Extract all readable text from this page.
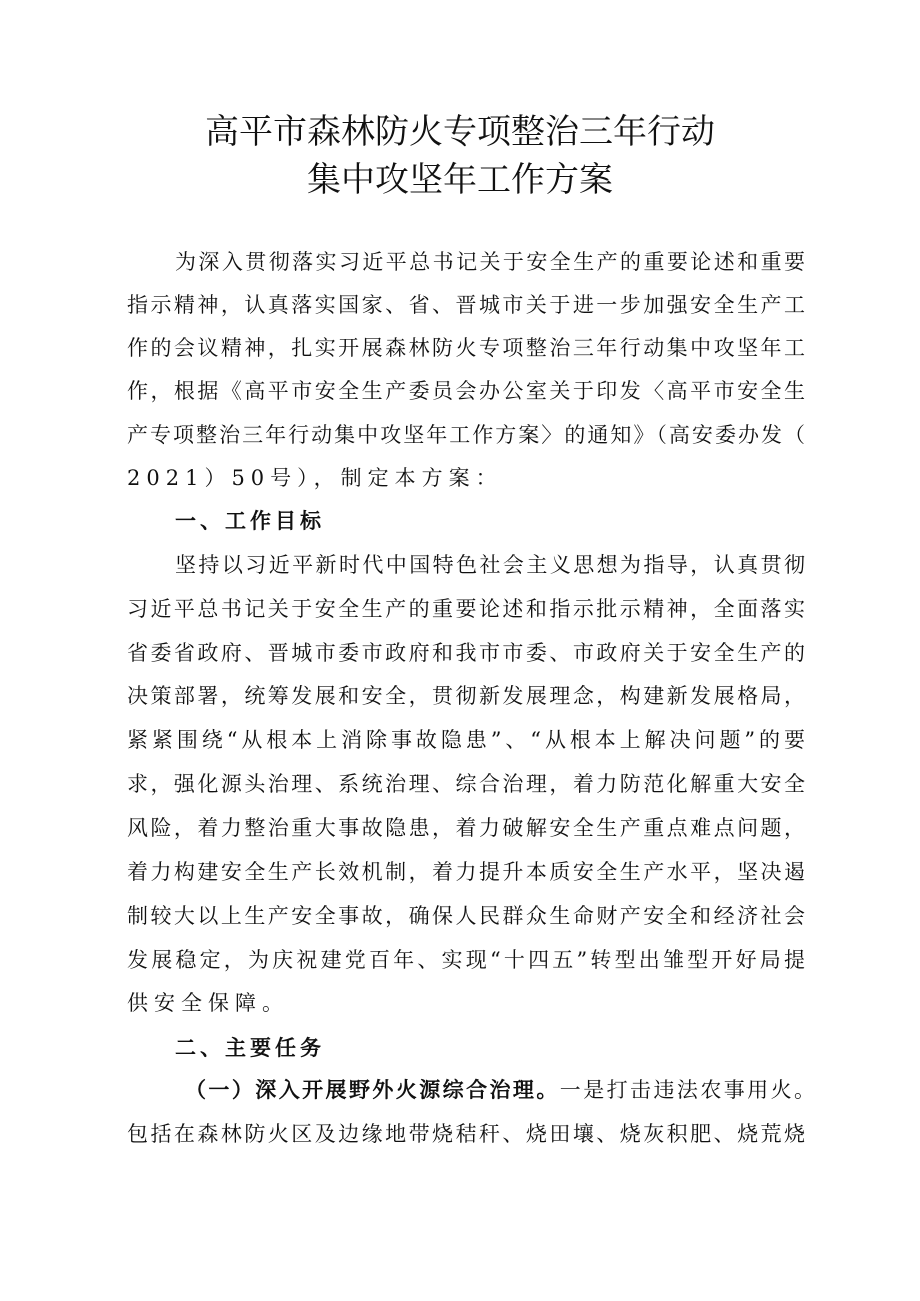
高平市森林防火专项整治三年行动
集中攻坚年工作方案
为深入贯彻落实习近平总书记关于安全生产的重要论述和重要
指示精神，认真落实国家、省、晋城市关于进一步加强安全生产工
作的会议精神，扎实开展森林防火专项整治三年行动集中攻坚年工
作，根据《高平市安全生产委员会办公室关于印发〈高平市安全生
产专项整治三年行动集中攻坚年工作方案〉的通知》（高安委办发（
2021）50号），制定本方案：
一、工作目标
坚持以习近平新时代中国特色社会主义思想为指导，认真贯彻
习近平总书记关于安全生产的重要论述和指示批示精神，全面落实
省委省政府、晋城市委市政府和我市市委、市政府关于安全生产的
决策部署，统筹发展和安全，贯彻新发展理念，构建新发展格局，
紧紧围绕“从根本上消除事故隐患”、“从根本上解决问题”的要
求，强化源头治理、系统治理、综合治理，着力防范化解重大安全
风险，着力整治重大事故隐患，着力破解安全生产重点难点问题，
着力构建安全生产长效机制，着力提升本质安全生产水平，坚决遏
制较大以上生产安全事故，确保人民群众生命财产安全和经济社会
发展稳定，为庆祝建党百年、实现“十四五”转型出雏型开好局提
供安全保障。
二、主要任务
（一）深入开展野外火源综合治理。一是打击违法农事用火。
包括在森林防火区及边缘地带烧秸秆、烧田壤、烧灰积肥、烧荒烧
